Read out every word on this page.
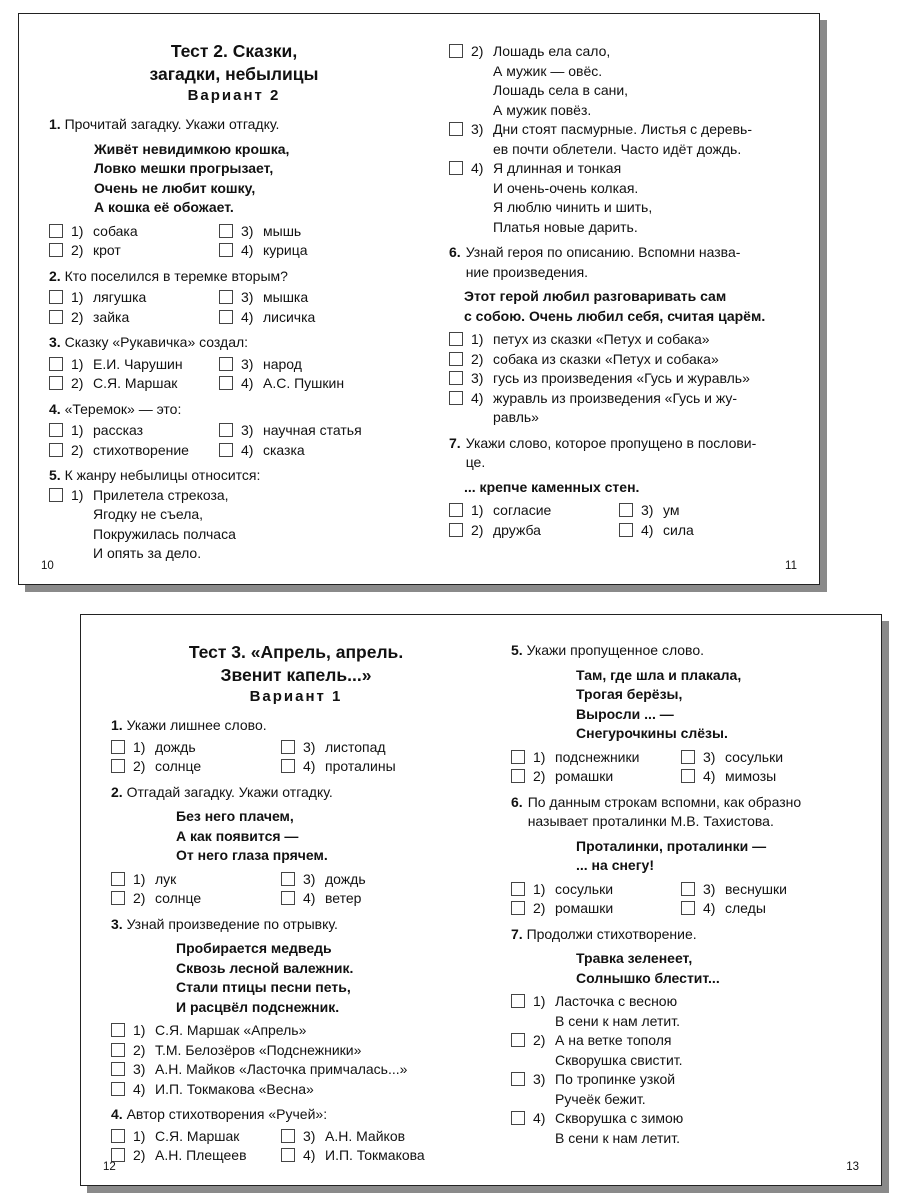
Тест 2. Сказки,
загадки, небылицы
Вариант 2
1. Прочитай загадку. Укажи отгадку.
Живёт невидимкою крошка,
Ловко мешки прогрызает,
Очень не любит кошку,
А кошка её обожает.
1) собака	3) мышь
2) крот	4) курица
2. Кто поселился в теремке вторым?
1) лягушка	3) мышка
2) зайка	4) лисичка
3. Сказку «Рукавичка» создал:
1) Е.И. Чарушин	3) народ
2) С.Я. Маршак	4) А.С. Пушкин
4. «Теремок» — это:
1) рассказ	3) научная статья
2) стихотворение	4) сказка
5. К жанру небылицы относится:
1) Прилетела стрекоза,
Ягодку не съела,
Покружилась полчаса
И опять за дело.
10
2) Лошадь ела сало,
А мужик — овёс.
Лошадь села в сани,
А мужик повёз.
3) Дни стоят пасмурные. Листья с деревь-
ев почти облетели. Часто идёт дождь.
4) Я длинная и тонкая
И очень-очень колкая.
Я люблю чинить и шить,
Платья новые дарить.
6. Узнай героя по описанию. Вспомни назва-
ние произведения.
Этот герой любил разговаривать сам
с собою. Очень любил себя, считая царём.
1) петух из сказки «Петух и собака»
2) собака из сказки «Петух и собака»
3) гусь из произведения «Гусь и журавль»
4) журавль из произведения «Гусь и жу-
равль»
7. Укажи слово, которое пропущено в послови-
це.
... крепче каменных стен.
1) согласие	3) ум
2) дружба	4) сила
11
Тест 3. «Апрель, апрель.
Звенит капель...»
Вариант 1
1. Укажи лишнее слово.
1) дождь	3) листопад
2) солнце	4) проталины
2. Отгадай загадку. Укажи отгадку.
Без него плачем,
А как появится —
От него глаза прячем.
1) лук	3) дождь
2) солнце	4) ветер
3. Узнай произведение по отрывку.
Пробирается медведь
Сквозь лесной валежник.
Стали птицы песни петь,
И расцвёл подснежник.
1) С.Я. Маршак «Апрель»
2) Т.М. Белозёров «Подснежники»
3) А.Н. Майков «Ласточка примчалась...»
4) И.П. Токмакова «Весна»
4. Автор стихотворения «Ручей»:
1) С.Я. Маршак	3) А.Н. Майков
2) А.Н. Плещеев	4) И.П. Токмакова
12
5. Укажи пропущенное слово.
Там, где шла и плакала,
Трогая берёзы,
Выросли ... —
Снегурочкины слёзы.
1) подснежники	3) сосульки
2) ромашки	4) мимозы
6. По данным строкам вспомни, как образно
называет проталинки М.В. Тахистова.
Проталинки, проталинки —
... на снегу!
1) сосульки	3) веснушки
2) ромашки	4) следы
7. Продолжи стихотворение.
Травка зеленеет,
Солнышко блестит...
1) Ласточка с весною
В сени к нам летит.
2) А на ветке тополя
Скворушка свистит.
3) По тропинке узкой
Ручеёк бежит.
4) Скворушка с зимою
В сени к нам летит.
13
